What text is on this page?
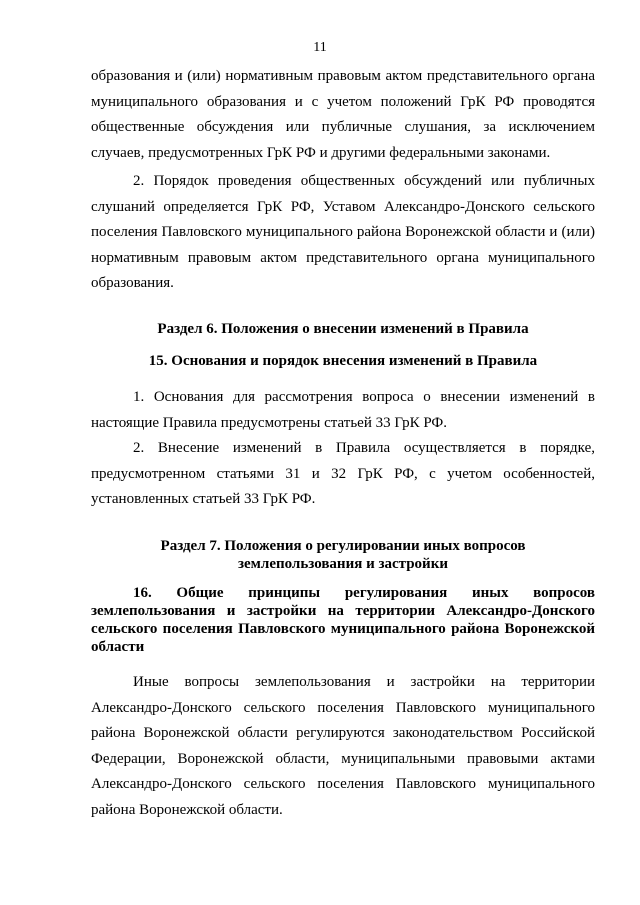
11

образования и (или) нормативным правовым актом представительного органа муниципального образования и с учетом положений ГрК РФ проводятся общественные обсуждения или публичные слушания, за исключением случаев, предусмотренных ГрК РФ и другими федеральными законами.

2. Порядок проведения общественных обсуждений или публичных слушаний определяется ГрК РФ, Уставом Александро-Донского сельского поселения Павловского муниципального района Воронежской области и (или) нормативным правовым актом представительного органа муниципального образования.

Раздел 6. Положения о внесении изменений в Правила
15. Основания и порядок внесения изменений в Правила

1. Основания для рассмотрения вопроса о внесении изменений в настоящие Правила предусмотрены статьей 33 ГрК РФ.

2. Внесение изменений в Правила осуществляется в порядке, предусмотренном статьями 31 и 32 ГрК РФ, с учетом особенностей, установленных статьей 33 ГрК РФ.

Раздел 7. Положения о регулировании иных вопросов
землепользования и застройки
16. Общие принципы регулирования иных вопросов землепользования и застройки на территории Александро-Донского сельского поселения Павловского муниципального района Воронежской области

Иные вопросы землепользования и застройки на территории Александро-Донского сельского поселения Павловского муниципального района Воронежской области регулируются законодательством Российской Федерации, Воронежской области, муниципальными правовыми актами Александро-Донского сельского поселения Павловского муниципального района Воронежской области.
